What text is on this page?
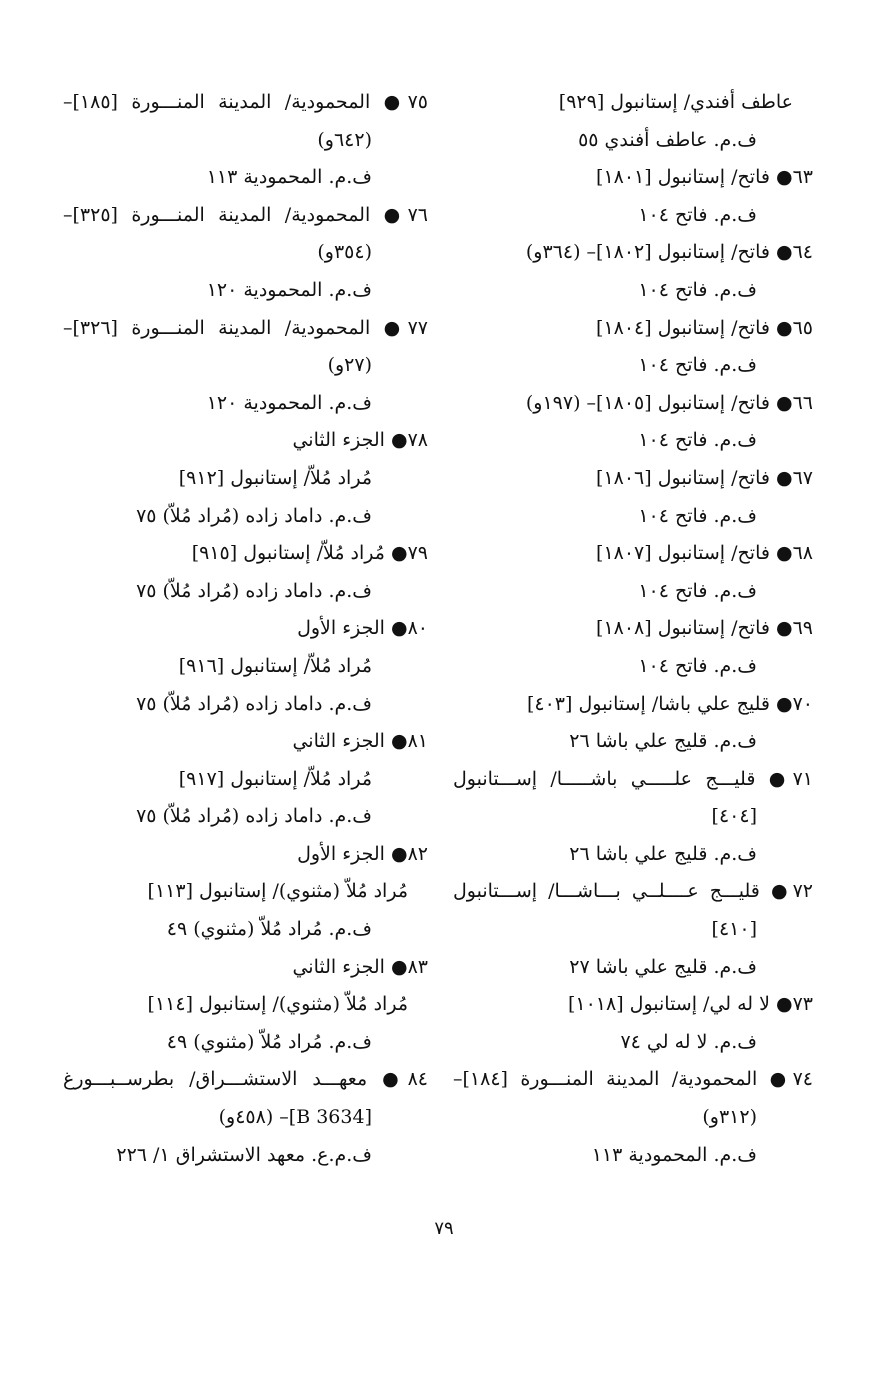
عاطف أفندي/ إستانبول [٩٢٩]
ف.م. عاطف أفندي ٥٥
٦٣● فاتح/ إستانبول [١٨٠١]
ف.م. فاتح ١٠٤
٦٤● فاتح/ إستانبول [١٨٠٢]– (٣٦٤و)
ف.م. فاتح ١٠٤
٦٥● فاتح/ إستانبول [١٨٠٤]
ف.م. فاتح ١٠٤
٦٦● فاتح/ إستانبول [١٨٠٥]– (١٩٧و)
ف.م. فاتح ١٠٤
٦٧● فاتح/ إستانبول [١٨٠٦]
ف.م. فاتح ١٠٤
٦٨● فاتح/ إستانبول [١٨٠٧]
ف.م. فاتح ١٠٤
٦٩● فاتح/ إستانبول [١٨٠٨]
ف.م. فاتح ١٠٤
٧٠● قليج علي باشا/ إستانبول [٤٠٣]
ف.م. قليج علي باشا ٢٦
٧١● قليـــج علـــــي باشـــــا/ إســـتانبول
[٤٠٤]
ف.م. قليج علي باشا ٢٦
٧٢● قليـــج عــــلــي بـــاشـــا/ إســـتانبول
[٤١٠]
ف.م. قليج علي باشا ٢٧
٧٣● لا له لي/ إستانبول [١٠١٨]
ف.م. لا له لي ٧٤
٧٤● المحمودية/ المدينة المنـــورة [١٨٤]–
(٣١٢و)
ف.م. المحمودية ١١٣
٧٥● المحمودية/ المدينة المنـــورة [١٨٥]–
(٦٤٢و)
ف.م. المحمودية ١١٣
٧٦● المحمودية/ المدينة المنـــورة [٣٢٥]–
(٣٥٤و)
ف.م. المحمودية ١٢٠
٧٧● المحمودية/ المدينة المنـــورة [٣٢٦]–
(٢٧و)
ف.م. المحمودية ١٢٠
٧٨● الجزء الثاني
مُراد مُلاّ/ إستانبول [٩١٢]
ف.م. داماد زاده (مُراد مُلاّ) ٧٥
٧٩● مُراد مُلاّ/ إستانبول [٩١٥]
ف.م. داماد زاده (مُراد مُلاّ) ٧٥
٨٠● الجزء الأول
مُراد مُلاّ/ إستانبول [٩١٦]
ف.م. داماد زاده (مُراد مُلاّ) ٧٥
٨١● الجزء الثاني
مُراد مُلاّ/ إستانبول [٩١٧]
ف.م. داماد زاده (مُراد مُلاّ) ٧٥
٨٢● الجزء الأول
مُراد مُلاّ (مثنوي)/ إستانبول [١١٣]
ف.م. مُراد مُلاّ (مثنوي) ٤٩
٨٣● الجزء الثاني
مُراد مُلاّ (مثنوي)/ إستانبول [١١٤]
ف.م. مُراد مُلاّ (مثنوي) ٤٩
٨٤● معهـــد الاستشـــراق/ بطرســبـــورغ
[B 3634]– (٤٥٨و)
ف.م.ع. معهد الاستشراق ١/ ٢٢٦
٧٩
